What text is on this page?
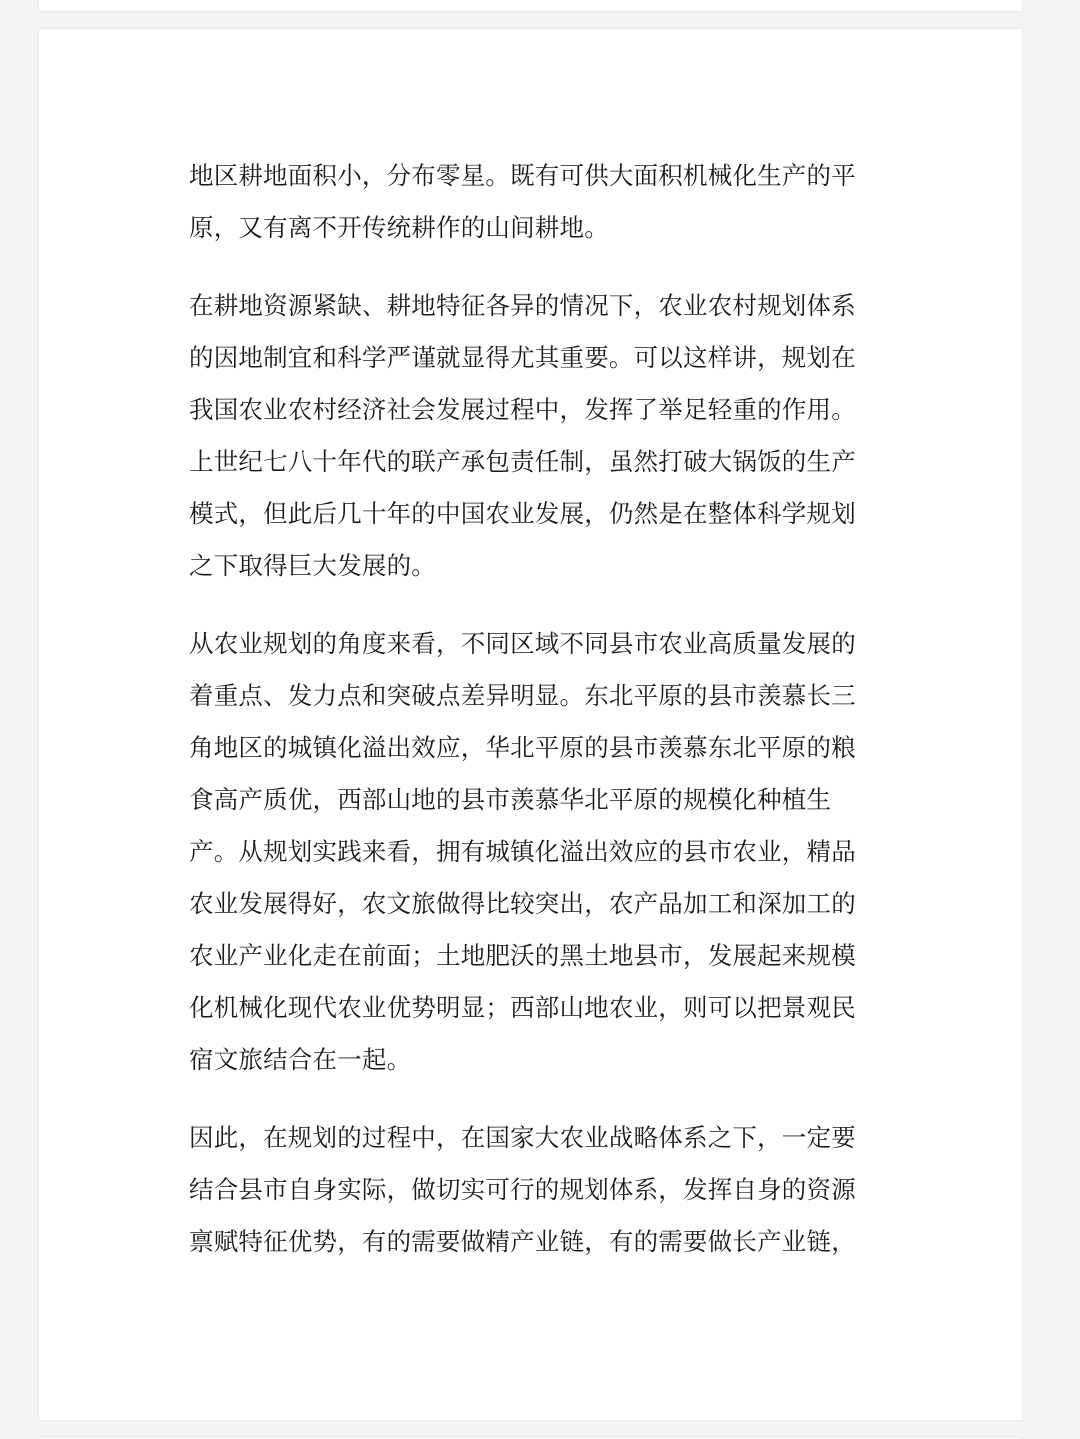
地区耕地面积小，分布零星。既有可供大面积机械化生产的平
原，又有离不开传统耕作的山间耕地。

在耕地资源紧缺、耕地特征各异的情况下，农业农村规划体系
的因地制宜和科学严谨就显得尤其重要。可以这样讲，规划在
我国农业农村经济社会发展过程中，发挥了举足轻重的作用。
上世纪七八十年代的联产承包责任制，虽然打破大锅饭的生产
模式，但此后几十年的中国农业发展，仍然是在整体科学规划
之下取得巨大发展的。

从农业规划的角度来看，不同区域不同县市农业高质量发展的
着重点、发力点和突破点差异明显。东北平原的县市羡慕长三
角地区的城镇化溢出效应，华北平原的县市羡慕东北平原的粮
食高产质优，西部山地的县市羡慕华北平原的规模化种植生
产。从规划实践来看，拥有城镇化溢出效应的县市农业，精品
农业发展得好，农文旅做得比较突出，农产品加工和深加工的
农业产业化走在前面；土地肥沃的黑土地县市，发展起来规模
化机械化现代农业优势明显；西部山地农业，则可以把景观民
宿文旅结合在一起。

因此，在规划的过程中，在国家大农业战略体系之下，一定要
结合县市自身实际，做切实可行的规划体系，发挥自身的资源
禀赋特征优势，有的需要做精产业链，有的需要做长产业链，
